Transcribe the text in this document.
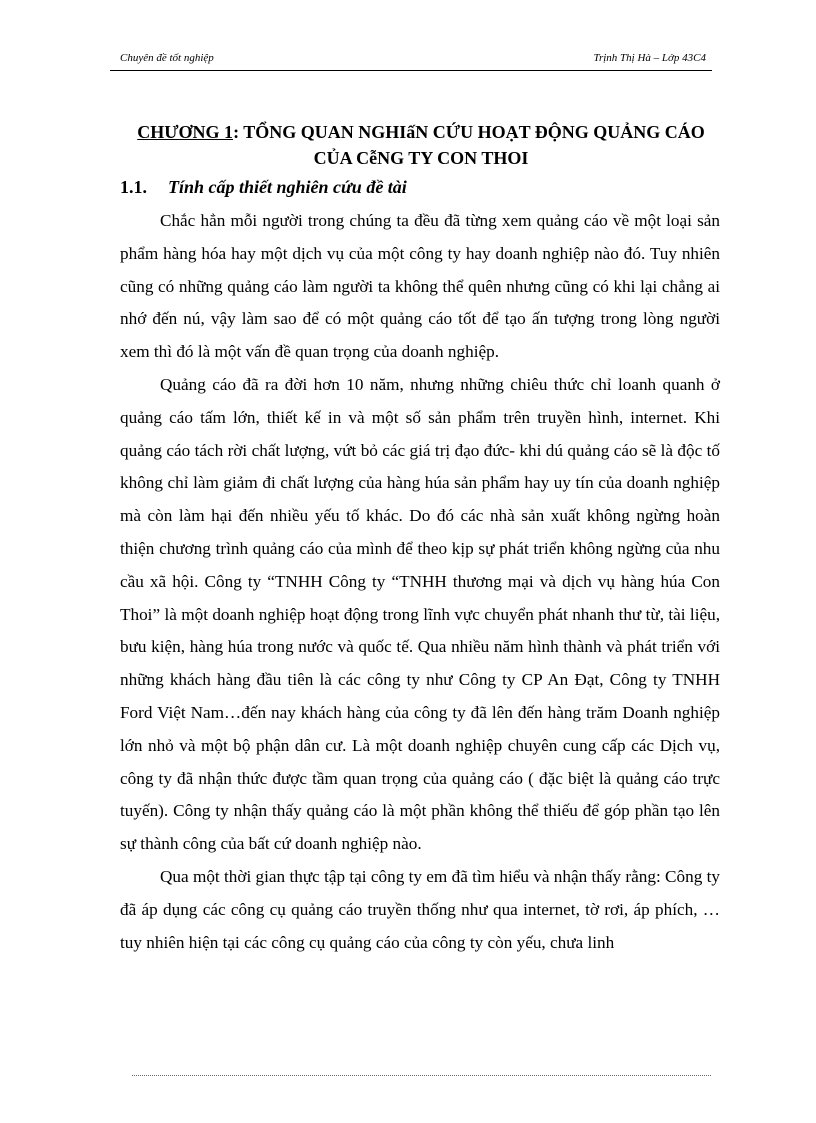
Chuyên đề tốt nghiệp	Trịnh Thị Hà – Lớp 43C4
CHƯƠNG 1: TỔNG QUAN NGHIấN CỨU HOẠT ĐỘNG QUẢNG CÁO
CỦA CễNG TY CON THOI
1.1.	Tính cấp thiết nghiên cứu đề tài

Chắc hẳn mỗi người trong chúng ta đều đã từng xem quảng cáo về một loại sản phẩm hàng hóa hay một dịch vụ của một công ty hay doanh nghiệp nào đó. Tuy nhiên cũng có những quảng cáo làm người ta không thể quên nhưng cũng có khi lại chẳng ai nhớ đến nú, vậy làm sao để có một quảng cáo tốt để tạo ấn tượng trong lòng người xem thì đó là một vấn đề quan trọng của doanh nghiệp.

Quảng cáo đã ra đời hơn 10 năm, nhưng những chiêu thức chỉ loanh quanh ở quảng cáo tấm lớn, thiết kế in và một số sản phẩm trên truyền hình, internet. Khi quảng cáo tách rời chất lượng, vứt bỏ các giá trị đạo đức- khi dú quảng cáo sẽ là độc tố không chỉ làm giảm đi chất lượng của hàng húa sản phẩm hay uy tín của doanh nghiệp mà còn làm hại đến nhiều yếu tố khác. Do đó các nhà sản xuất không ngừng hoàn thiện chương trình quảng cáo của mình để theo kịp sự phát triển không ngừng của nhu cầu xã hội. Công ty “TNHH Công ty “TNHH thương mại và dịch vụ hàng húa Con Thoi” là một doanh nghiệp hoạt động trong lĩnh vực chuyển phát nhanh thư từ, tài liệu, bưu kiện, hàng húa trong nước và quốc tế. Qua nhiều năm hình thành và phát triển với những khách hàng đầu tiên là các công ty như Công ty CP An Đạt, Công ty TNHH Ford Việt Nam…đến nay khách hàng của công ty đã lên đến hàng trăm Doanh nghiệp lớn nhỏ và một bộ phận dân cư. Là một doanh nghiệp chuyên cung cấp các Dịch vụ, công ty đã nhận thức được tầm quan trọng của quảng cáo ( đặc biệt là quảng cáo trực tuyến). Công ty nhận thấy quảng cáo là một phần không thể thiếu để góp phần tạo lên sự thành công của bất cứ doanh nghiệp nào.

Qua một thời gian thực tập tại công ty em đã tìm hiểu và nhận thấy rằng: Công ty đã áp dụng các công cụ quảng cáo truyền thống như qua internet, tờ rơi, áp phích, …tuy nhiên hiện tại các công cụ quảng cáo của công ty còn yếu, chưa linh
